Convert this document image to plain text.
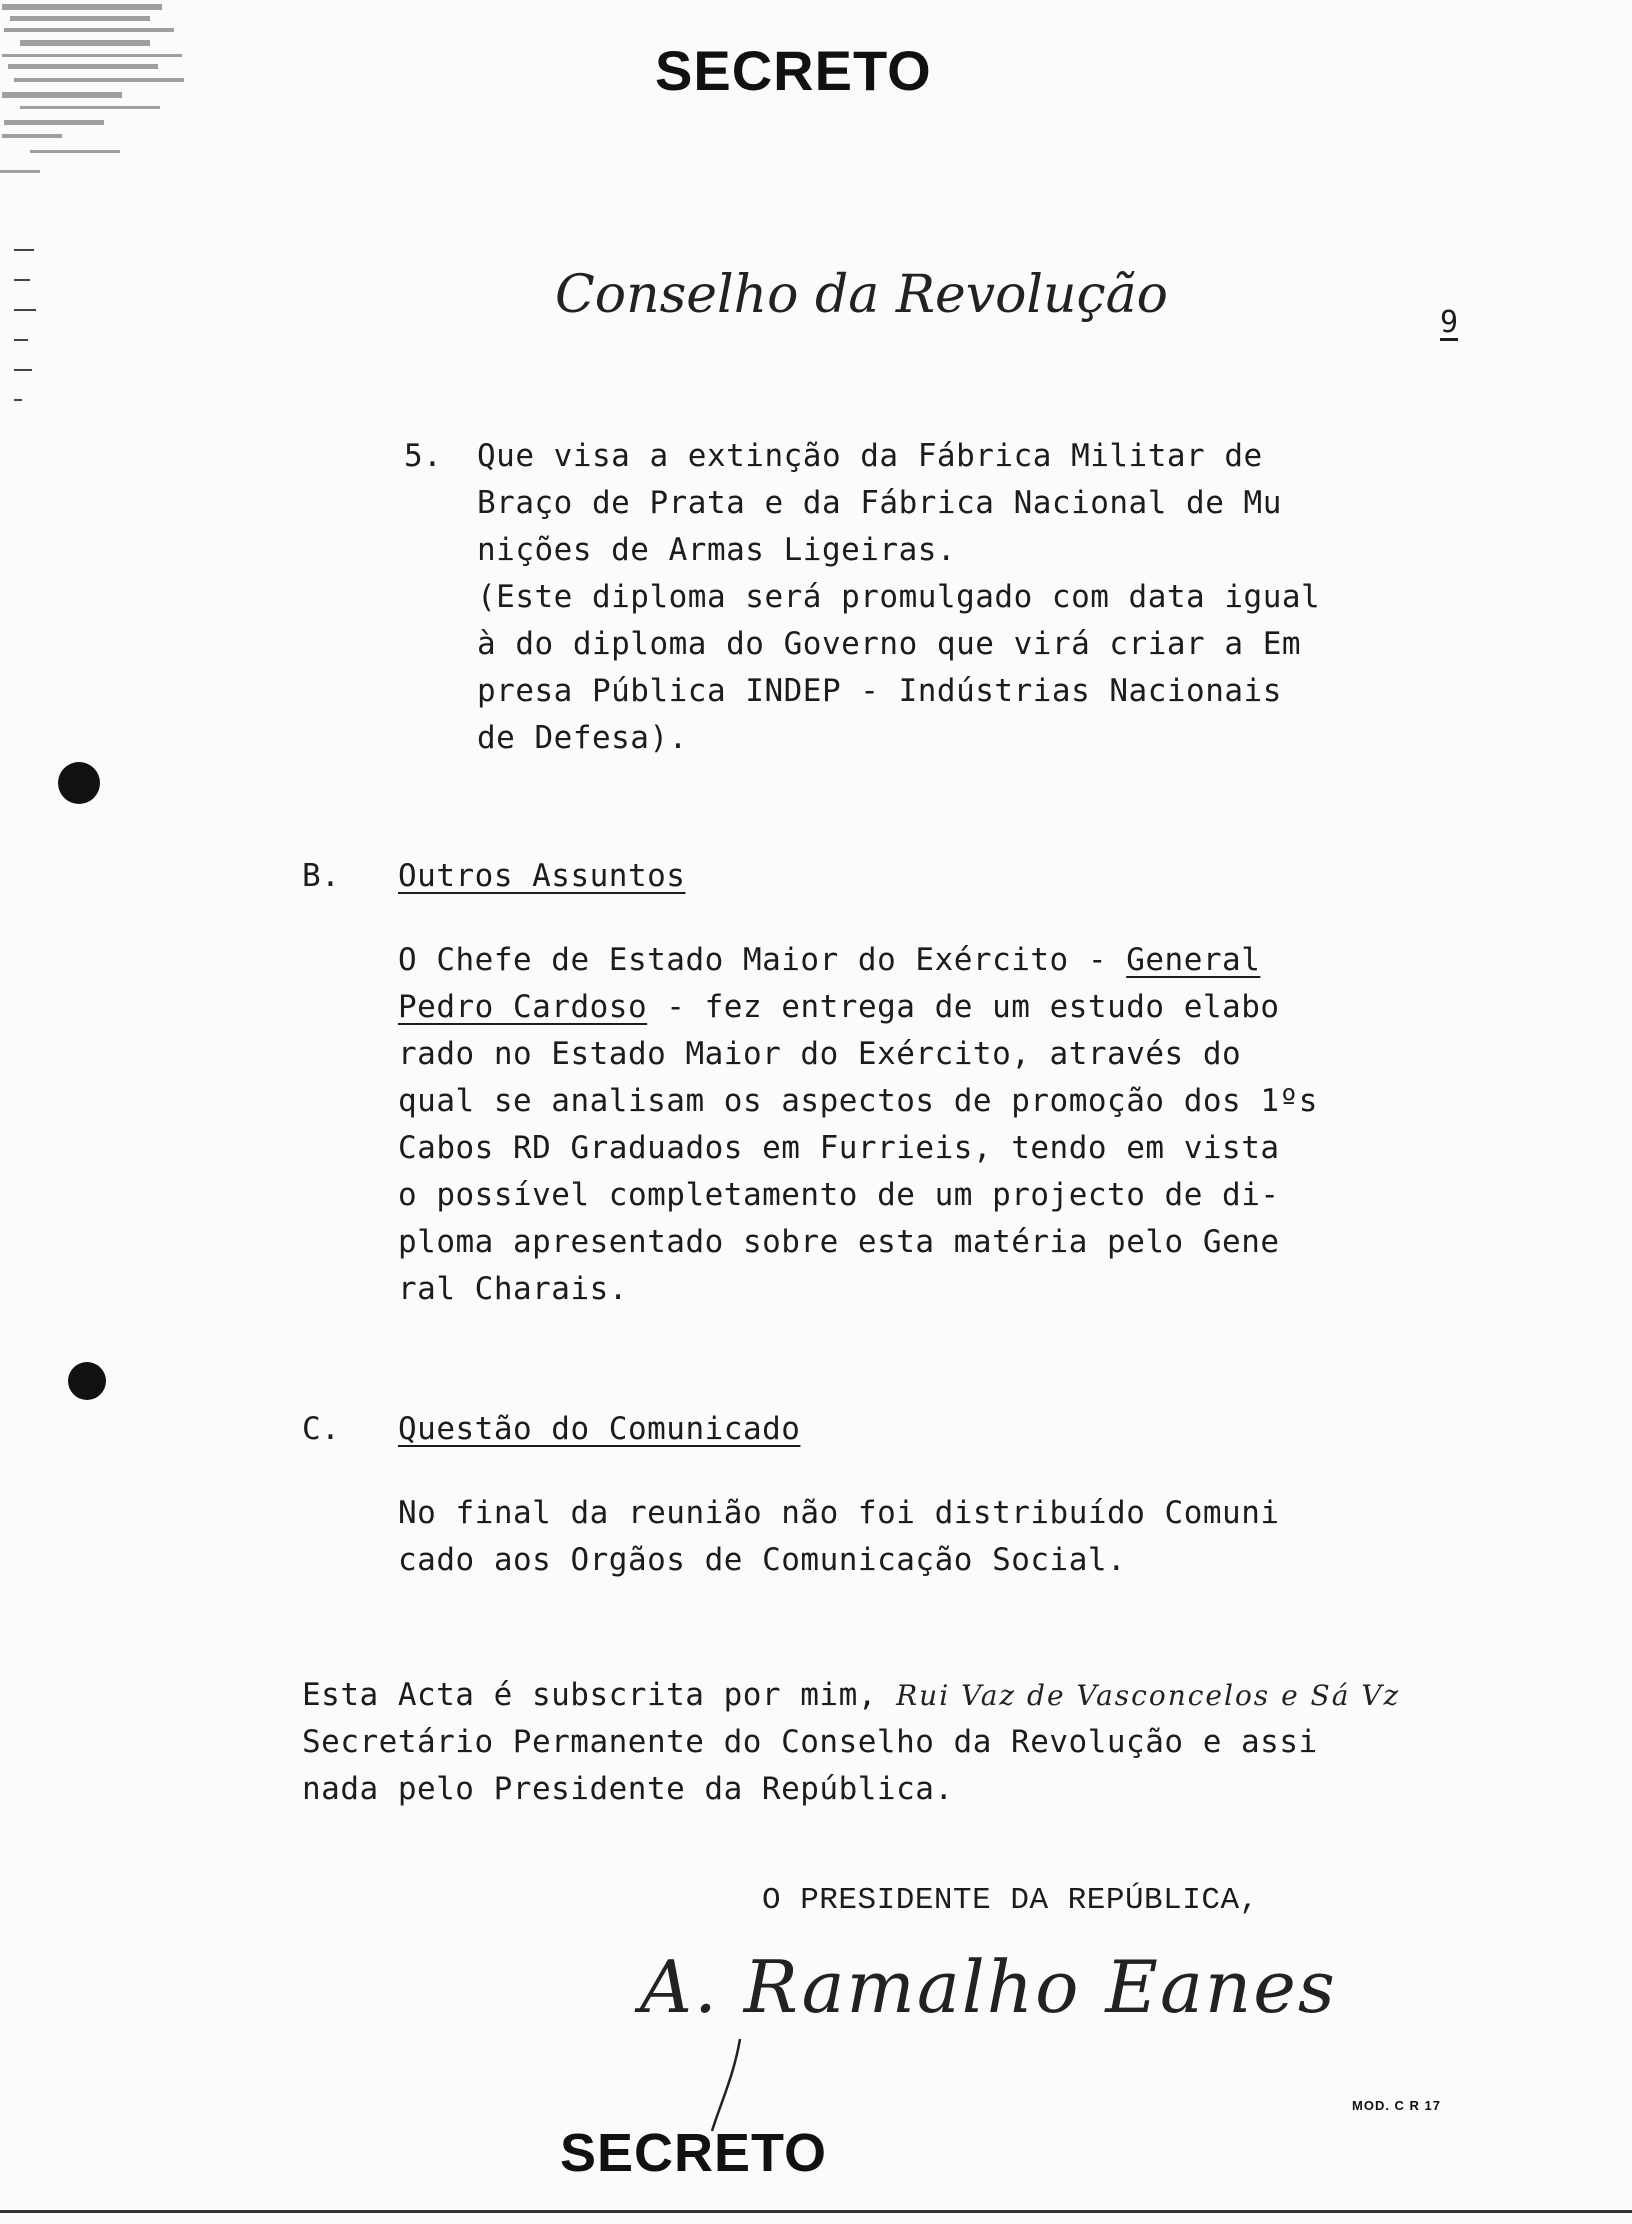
SECRETO
Conselho da Revolução	9
5. Que visa a extinção da Fábrica Militar de
Braço de Prata e da Fábrica Nacional de Mu
nições de Armas Ligeiras.
(Este diploma será promulgado com data igual
à do diploma do Governo que virá criar a Em
presa Pública INDEP - Indústrias Nacionais
de Defesa).
B. Outros Assuntos
O Chefe de Estado Maior do Exército - General
Pedro Cardoso - fez entrega de um estudo elabo
rado no Estado Maior do Exército, através do
qual se analisam os aspectos de promoção dos 1ºs
Cabos RD Graduados em Furrieis, tendo em vista
o possível completamento de um projecto de di-
ploma apresentado sobre esta matéria pelo Gene
ral Charais.
C. Questão do Comunicado
No final da reunião não foi distribuído Comuni
cado aos Orgãos de Comunicação Social.
Esta Acta é subscrita por mim, Rui Vaz de Vasconcelos e Sá Vz
Secretário Permanente do Conselho da Revolução e assi
nada pelo Presidente da República.
O PRESIDENTE DA REPÚBLICA,
A. Ramalho Eanes
MOD. C R 17
SECRETO
